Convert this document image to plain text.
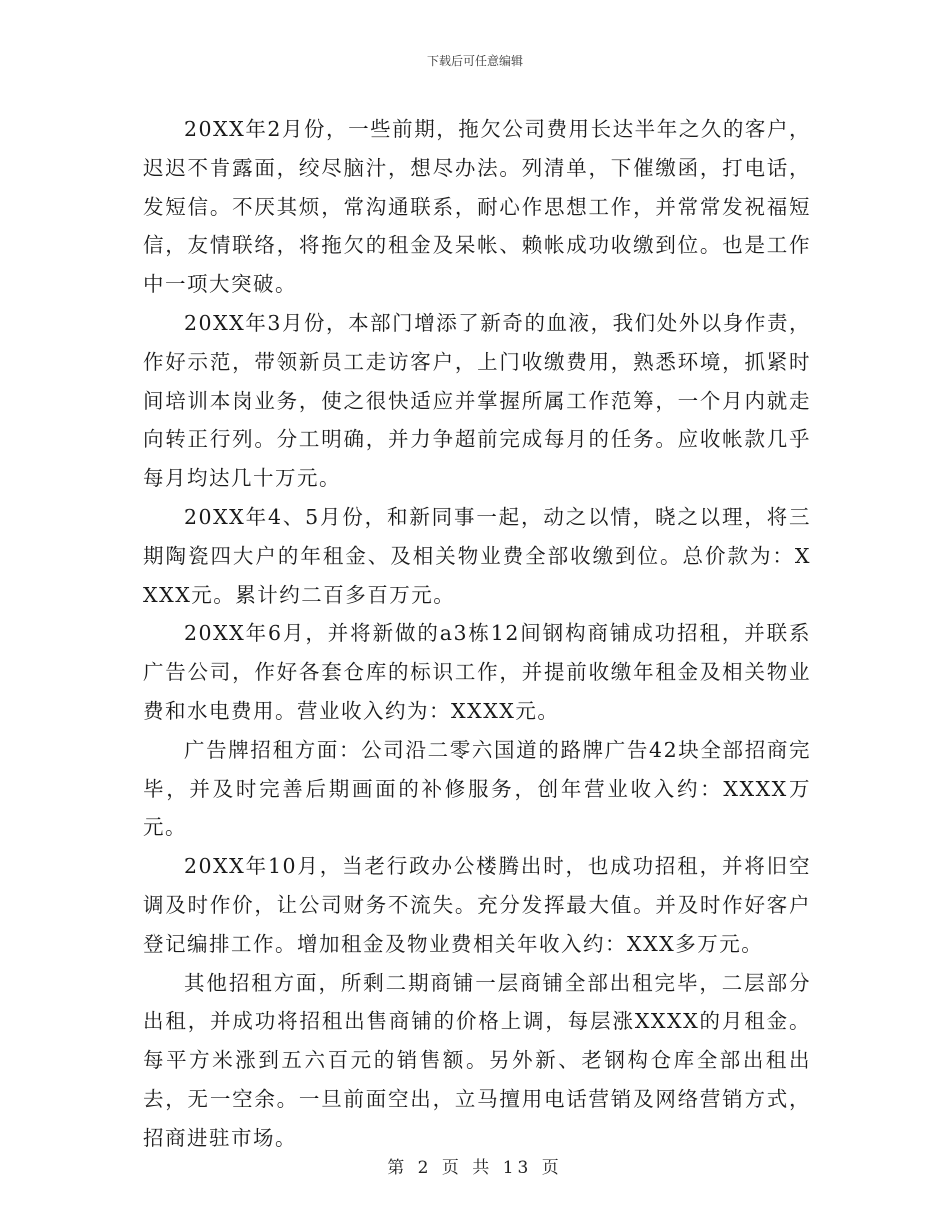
下载后可任意编辑

20XX年2月份，一些前期，拖欠公司费用长达半年之久的客户，迟迟不肯露面，绞尽脑汁，想尽办法。列清单，下催缴函，打电话，发短信。不厌其烦，常沟通联系，耐心作思想工作，并常常发祝福短信，友情联络，将拖欠的租金及呆帐、赖帐成功收缴到位。也是工作中一项大突破。

20XX年3月份，本部门增添了新奇的血液，我们处外以身作责，作好示范，带领新员工走访客户，上门收缴费用，熟悉环境，抓紧时间培训本岗业务，使之很快适应并掌握所属工作范筹，一个月内就走向转正行列。分工明确，并力争超前完成每月的任务。应收帐款几乎每月均达几十万元。

20XX年4、5月份，和新同事一起，动之以情，晓之以理，将三期陶瓷四大户的年租金、及相关物业费全部收缴到位。总价款为：XXXX元。累计约二百多百万元。

20XX年6月，并将新做的a3栋12间钢构商铺成功招租，并联系广告公司，作好各套仓库的标识工作，并提前收缴年租金及相关物业费和水电费用。营业收入约为：XXXX元。

广告牌招租方面：公司沿二零六国道的路牌广告42块全部招商完毕，并及时完善后期画面的补修服务，创年营业收入约：XXXX万元。

20XX年10月，当老行政办公楼腾出时，也成功招租，并将旧空调及时作价，让公司财务不流失。充分发挥最大值。并及时作好客户登记编排工作。增加租金及物业费相关年收入约：XXX多万元。

其他招租方面，所剩二期商铺一层商铺全部出租完毕，二层部分出租，并成功将招租出售商铺的价格上调，每层涨XXXX的月租金。每平方米涨到五六百元的销售额。另外新、老钢构仓库全部出租出去，无一空余。一旦前面空出，立马擅用电话营销及网络营销方式，招商进驻市场。

第 2 页 共 13 页
